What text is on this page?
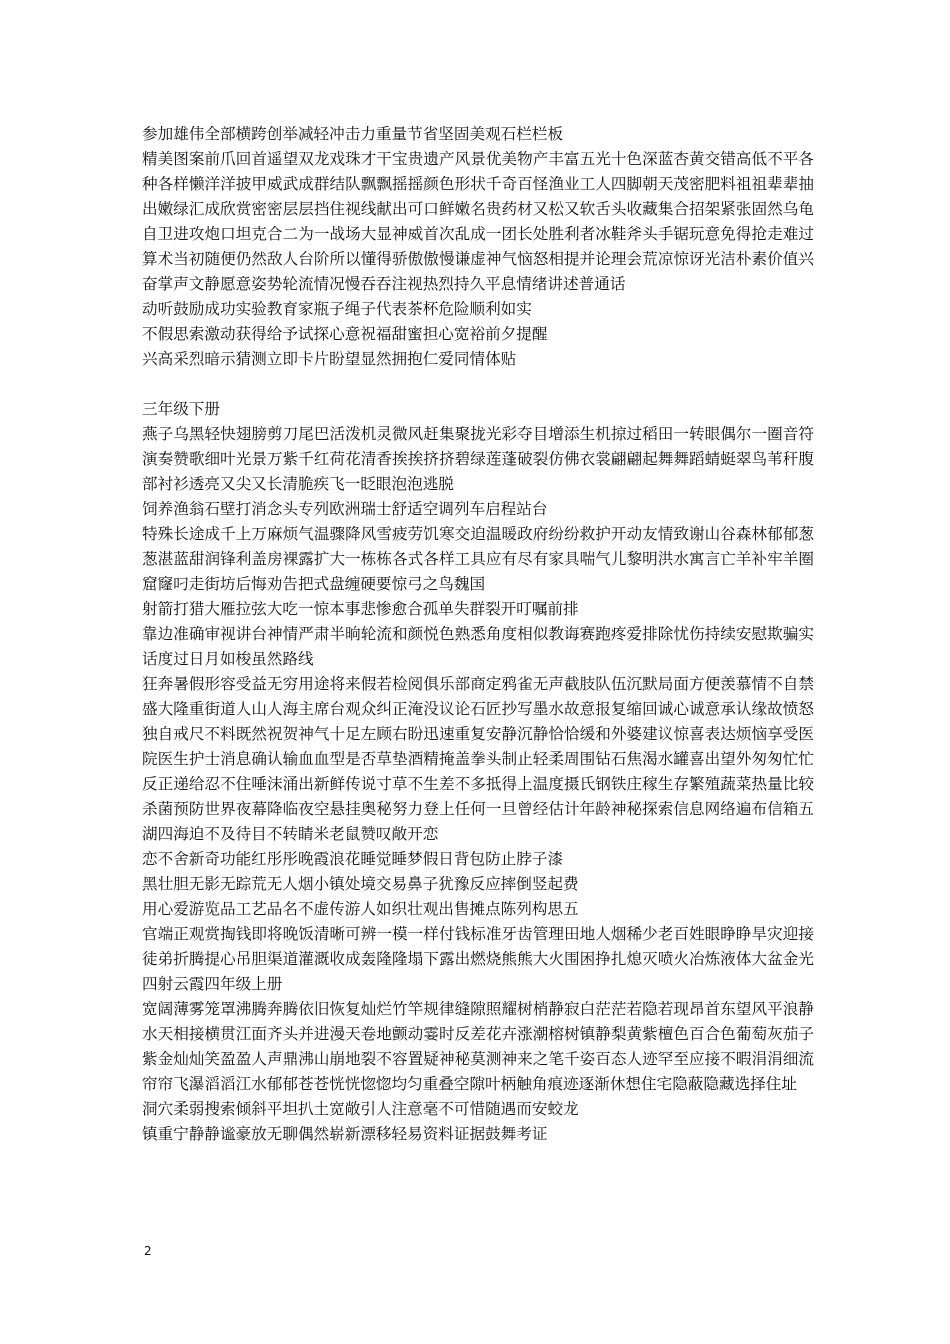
参加雄伟全部横跨创举减轻冲击力重量节省坚固美观石栏栏板

精美图案前爪回首遥望双龙戏珠才干宝贵遗产风景优美物产丰富五光十色深蓝杏黄交错高低不平各种各样懒洋洋披甲威武成群结队飘飘摇摇颜色形状千奇百怪渔业工人四脚朝天茂密肥料祖祖辈辈抽出嫩绿汇成欣赏密密层层挡住视线献出可口鲜嫩名贵药材又松又软舌头收藏集合招架紧张固然乌龟自卫进攻炮口坦克合二为一战场大显神威首次乱成一团长处胜利者冰鞋斧头手锯玩意免得抢走难过算术当初随便仍然敌人台阶所以懂得骄傲傲慢谦虚神气恼怒相提并论理会荒凉惊讶光洁朴素价值兴奋掌声文静愿意姿势轮流情况慢吞吞注视热烈持久平息情绪讲述普通话

动听鼓励成功实验教育家瓶子绳子代表茶杯危险顺利如实

不假思索激动获得给予试探心意祝福甜蜜担心宽裕前夕提醒

兴高采烈暗示猜测立即卡片盼望显然拥抱仁爱同情体贴

三年级下册

燕子乌黑轻快翅膀剪刀尾巴活泼机灵微风赶集聚拢光彩夺目增添生机掠过稻田一转眼偶尔一圈音符演奏赞歌细叶光景万紫千红荷花清香挨挨挤挤碧绿莲蓬破裂仿佛衣裳翩翩起舞舞蹈蜻蜓翠鸟苇秆腹部衬衫透亮又尖又长清脆疾飞一眨眼泡泡逃脱

饲养渔翁石壁打消念头专列欧洲瑞士舒适空调列车启程站台

特殊长途成千上万麻烦气温骤降风雪疲劳饥寒交迫温暖政府纷纷救护开动友情致谢山谷森林郁郁葱葱湛蓝甜润锋利盖房裸露扩大一栋栋各式各样工具应有尽有家具喘气儿黎明洪水寓言亡羊补牢羊圈窟窿叼走街坊后悔劝告把式盘缠硬要惊弓之鸟魏国

射箭打猎大雁拉弦大吃一惊本事悲惨愈合孤单失群裂开叮嘱前排

靠边准确审视讲台神情严肃半晌轮流和颜悦色熟悉角度相似教诲赛跑疼爱排除忧伤持续安慰欺骗实话度过日月如梭虽然路线

狂奔暑假形容受益无穷用途将来假若检阅俱乐部商定鸦雀无声截肢队伍沉默局面方便羡慕情不自禁盛大隆重街道人山人海主席台观众纠正淹没议论石匠抄写墨水故意报复缩回诚心诚意承认缘故愤怒独自戒尺不料既然祝贺神气十足左顾右盼迅速重复安静沉静恰恰缓和外婆建议惊喜表达烦恼享受医院医生护士消息确认输血血型是否草垫酒精掩盖拳头制止轻柔周围钻石焦渴水罐喜出望外匆匆忙忙反正递给忍不住唾沫涌出新鲜传说寸草不生差不多抵得上温度摄氏钢铁庄稼生存繁殖蔬菜热量比较杀菌预防世界夜幕降临夜空悬挂奥秘努力登上任何一旦曾经估计年龄神秘探索信息网络遍布信箱五湖四海迫不及待目不转睛米老鼠赞叹敞开恋

恋不舍新奇功能红彤彤晚霞浪花睡觉睡梦假日背包防止脖子漆

黑壮胆无影无踪荒无人烟小镇处境交易鼻子犹豫反应摔倒竖起费

用心爱游览品工艺品名不虚传游人如织壮观出售摊点陈列构思五

官端正观赏掏钱即将晚饭清晰可辨一模一样付钱标准牙齿管理田地人烟稀少老百姓眼睁睁旱灾迎接徒弟折腾提心吊胆渠道灌溉收成轰隆隆塌下露出燃烧熊熊大火围困挣扎熄灭喷火冶炼液体大盆金光四射云霞四年级上册

宽阔薄雾笼罩沸腾奔腾依旧恢复灿烂竹竿规律缝隙照耀树梢静寂白茫茫若隐若现昂首东望风平浪静水天相接横贯江面齐头并进漫天卷地颤动霎时反差花卉涨潮榕树镇静梨黄紫檀色百合色葡萄灰茄子紫金灿灿笑盈盈人声鼎沸山崩地裂不容置疑神秘莫测神来之笔千姿百态人迹罕至应接不暇涓涓细流帘帘飞瀑滔滔江水郁郁苍苍恍恍惚惚均匀重叠空隙叶柄触角痕迹逐渐休想住宅隐蔽隐藏选择住址

洞穴柔弱搜索倾斜平坦扒土宽敞引人注意毫不可惜随遇而安蛟龙

镇重宁静静谧豪放无聊偶然崭新漂移轻易资料证据鼓舞考证

2
